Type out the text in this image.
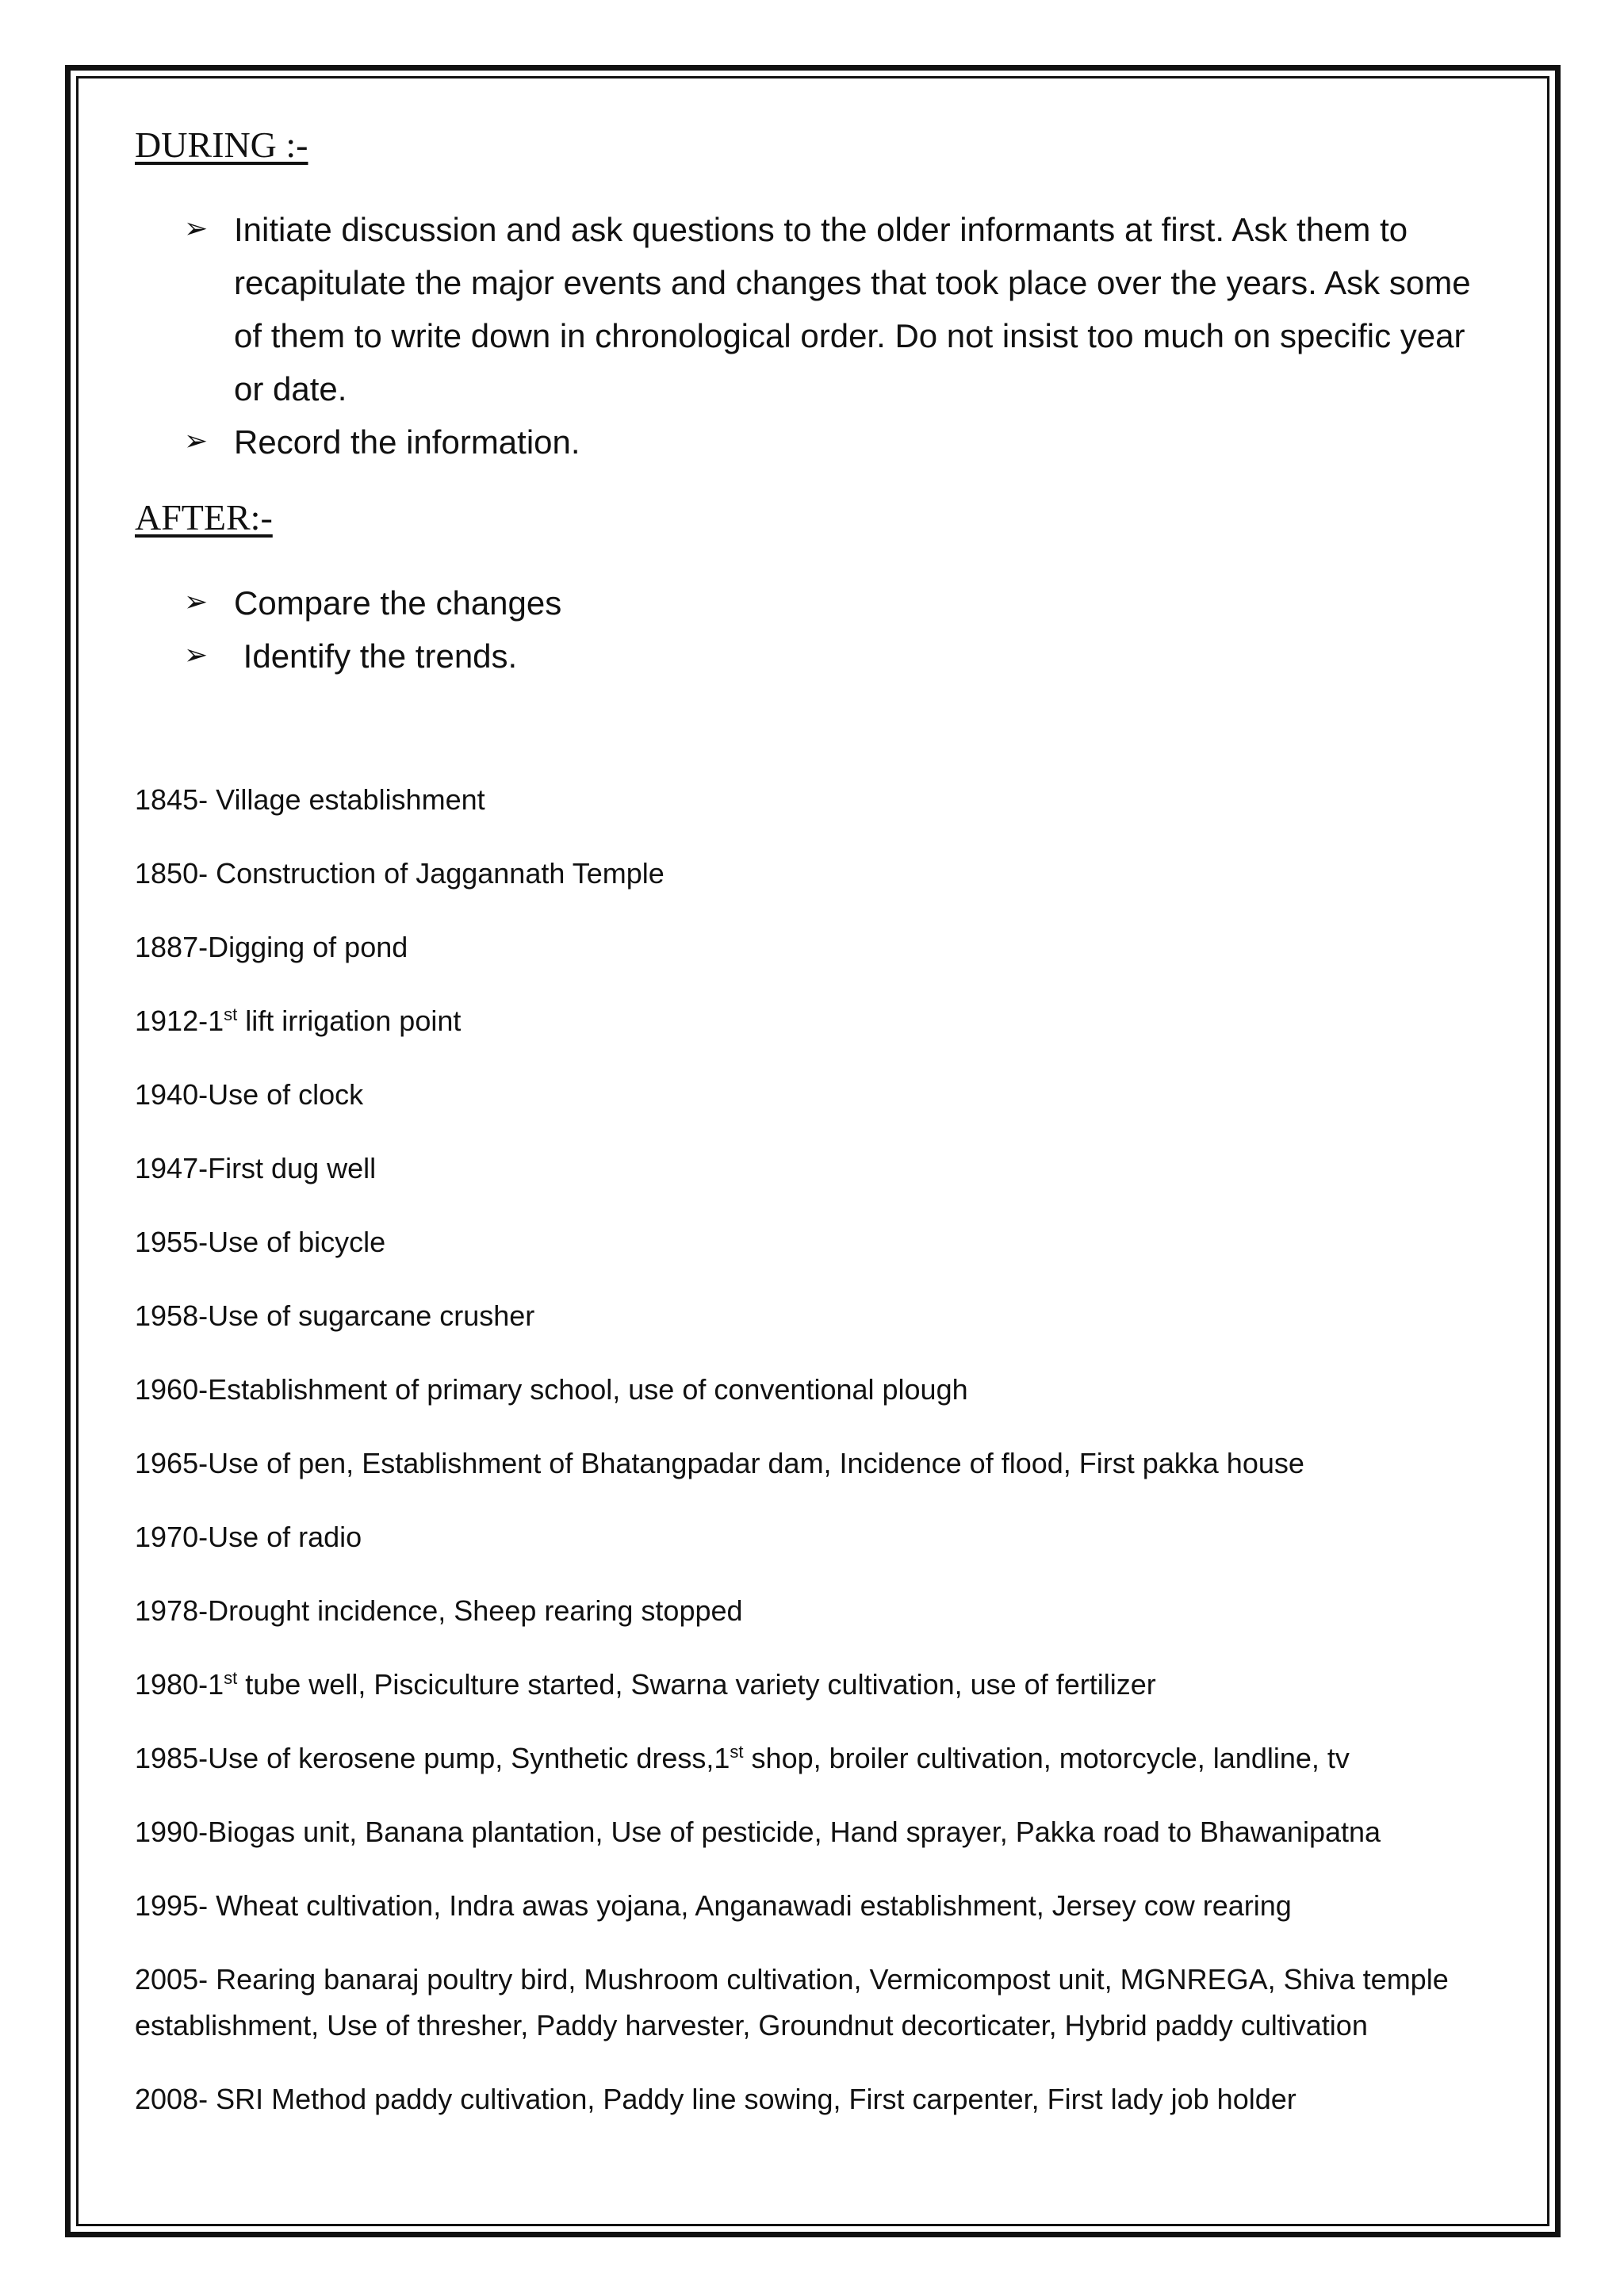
DURING :-
➢ Initiate discussion and ask questions to the older informants at first. Ask them to recapitulate the major events and changes that took place over the years. Ask some of them to write down in chronological order. Do not insist too much on specific year or date.
➢ Record the information.
AFTER:-
➢ Compare the changes
➢ Identify the trends.
1845- Village establishment
1850- Construction of Jaggannath Temple
1887-Digging of pond
1912-1st lift irrigation point
1940-Use of clock
1947-First dug well
1955-Use of bicycle
1958-Use of sugarcane crusher
1960-Establishment of primary school, use of conventional plough
1965-Use of pen, Establishment of Bhatangpadar dam, Incidence of flood, First pakka house
1970-Use of radio
1978-Drought incidence, Sheep rearing stopped
1980-1st tube well, Pisciculture started, Swarna variety cultivation, use of fertilizer
1985-Use of kerosene pump, Synthetic dress,1st shop, broiler cultivation, motorcycle, landline, tv
1990-Biogas unit, Banana plantation, Use of pesticide, Hand sprayer, Pakka road to Bhawanipatna
1995- Wheat cultivation, Indra awas yojana, Anganawadi establishment, Jersey cow rearing
2005- Rearing banaraj poultry bird, Mushroom cultivation, Vermicompost unit, MGNREGA, Shiva temple establishment, Use of thresher, Paddy harvester, Groundnut decorticater, Hybrid paddy cultivation
2008- SRI Method paddy cultivation, Paddy line sowing, First carpenter, First lady job holder
